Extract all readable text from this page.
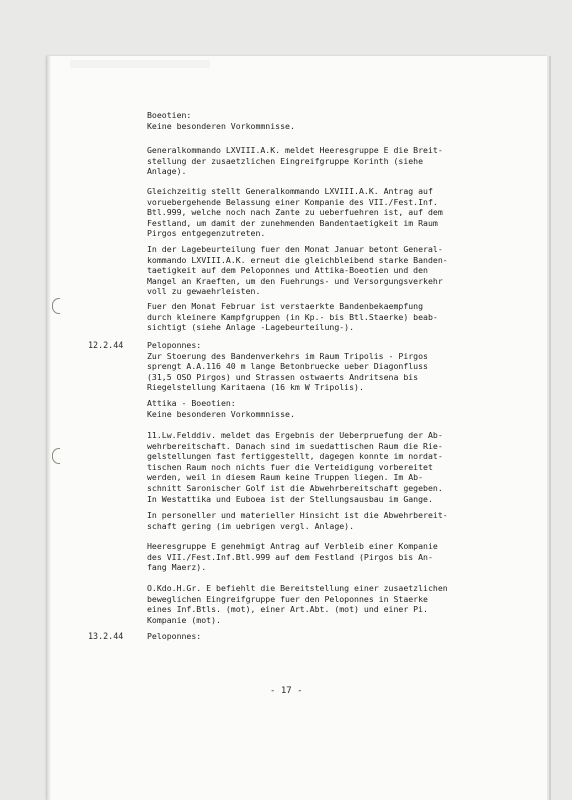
Boeotien:
Keine besonderen Vorkommnisse.
Generalkommando LXVIII.A.K. meldet Heeresgruppe E die Breit-
stellung der zusaetzlichen Eingreifgruppe Korinth (siehe
Anlage).
Gleichzeitig stellt Generalkommando LXVIII.A.K. Antrag auf
voruebergehende Belassung einer Kompanie des VII./Fest.Inf.
Btl.999, welche noch nach Zante zu ueberfuehren ist, auf dem
Festland, um damit der zunehmenden Bandentaetigkeit im Raum
Pirgos entgegenzutreten.
In der Lagebeurteilung fuer den Monat Januar betont General-
kommando LXVIII.A.K. erneut die gleichbleibend starke Banden-
taetigkeit auf dem Peloponnes und Attika-Boeotien und den
Mangel an Kraeften, um den Fuehrungs- und Versorgungsverkehr
voll zu gewaehrleisten.
Fuer den Monat Februar ist verstaerkte Bandenbekaempfung
durch kleinere Kampfgruppen (in Kp.- bis Btl.Staerke) beab-
sichtigt (siehe Anlage -Lagebeurteilung-).
12.2.44	Peloponnes:
Zur Stoerung des Bandenverkehrs im Raum Tripolis - Pirgos
sprengt A.A.116 40 m lange Betonbruecke ueber Diagonfluss
(31,5 OSO Pirgos) und Strassen ostwaerts Andritsena bis
Riegelstellung Karitaena (16 km W Tripolis).
Attika - Boeotien:
Keine besonderen Vorkommnisse.
11.Lw.Felddiv. meldet das Ergebnis der Ueberpruefung der Ab-
wehrbereitschaft. Danach sind im suedattischen Raum die Rie-
gelstellungen fast fertiggestellt, dagegen konnte im nordat-
tischen Raum noch nichts fuer die Verteidigung vorbereitet
werden, weil in diesem Raum keine Truppen liegen. Im Ab-
schnitt Saronischer Golf ist die Abwehrbereitschaft gegeben.
In Westattika und Euboea ist der Stellungsausbau im Gange.
In personeller und materieller Hinsicht ist die Abwehrbereit-
schaft gering (im uebrigen vergl. Anlage).
Heeresgruppe E genehmigt Antrag auf Verbleib einer Kompanie
des VII./Fest.Inf.Btl.999 auf dem Festland (Pirgos bis An-
fang Maerz).
O.Kdo.H.Gr. E befiehlt die Bereitstellung einer zusaetzlichen
beweglichen Eingreifgruppe fuer den Peloponnes in Staerke
eines Inf.Btls. (mot), einer Art.Abt. (mot) und einer Pi.
Kompanie (mot).
13.2.44	Peloponnes:
- 17 -
